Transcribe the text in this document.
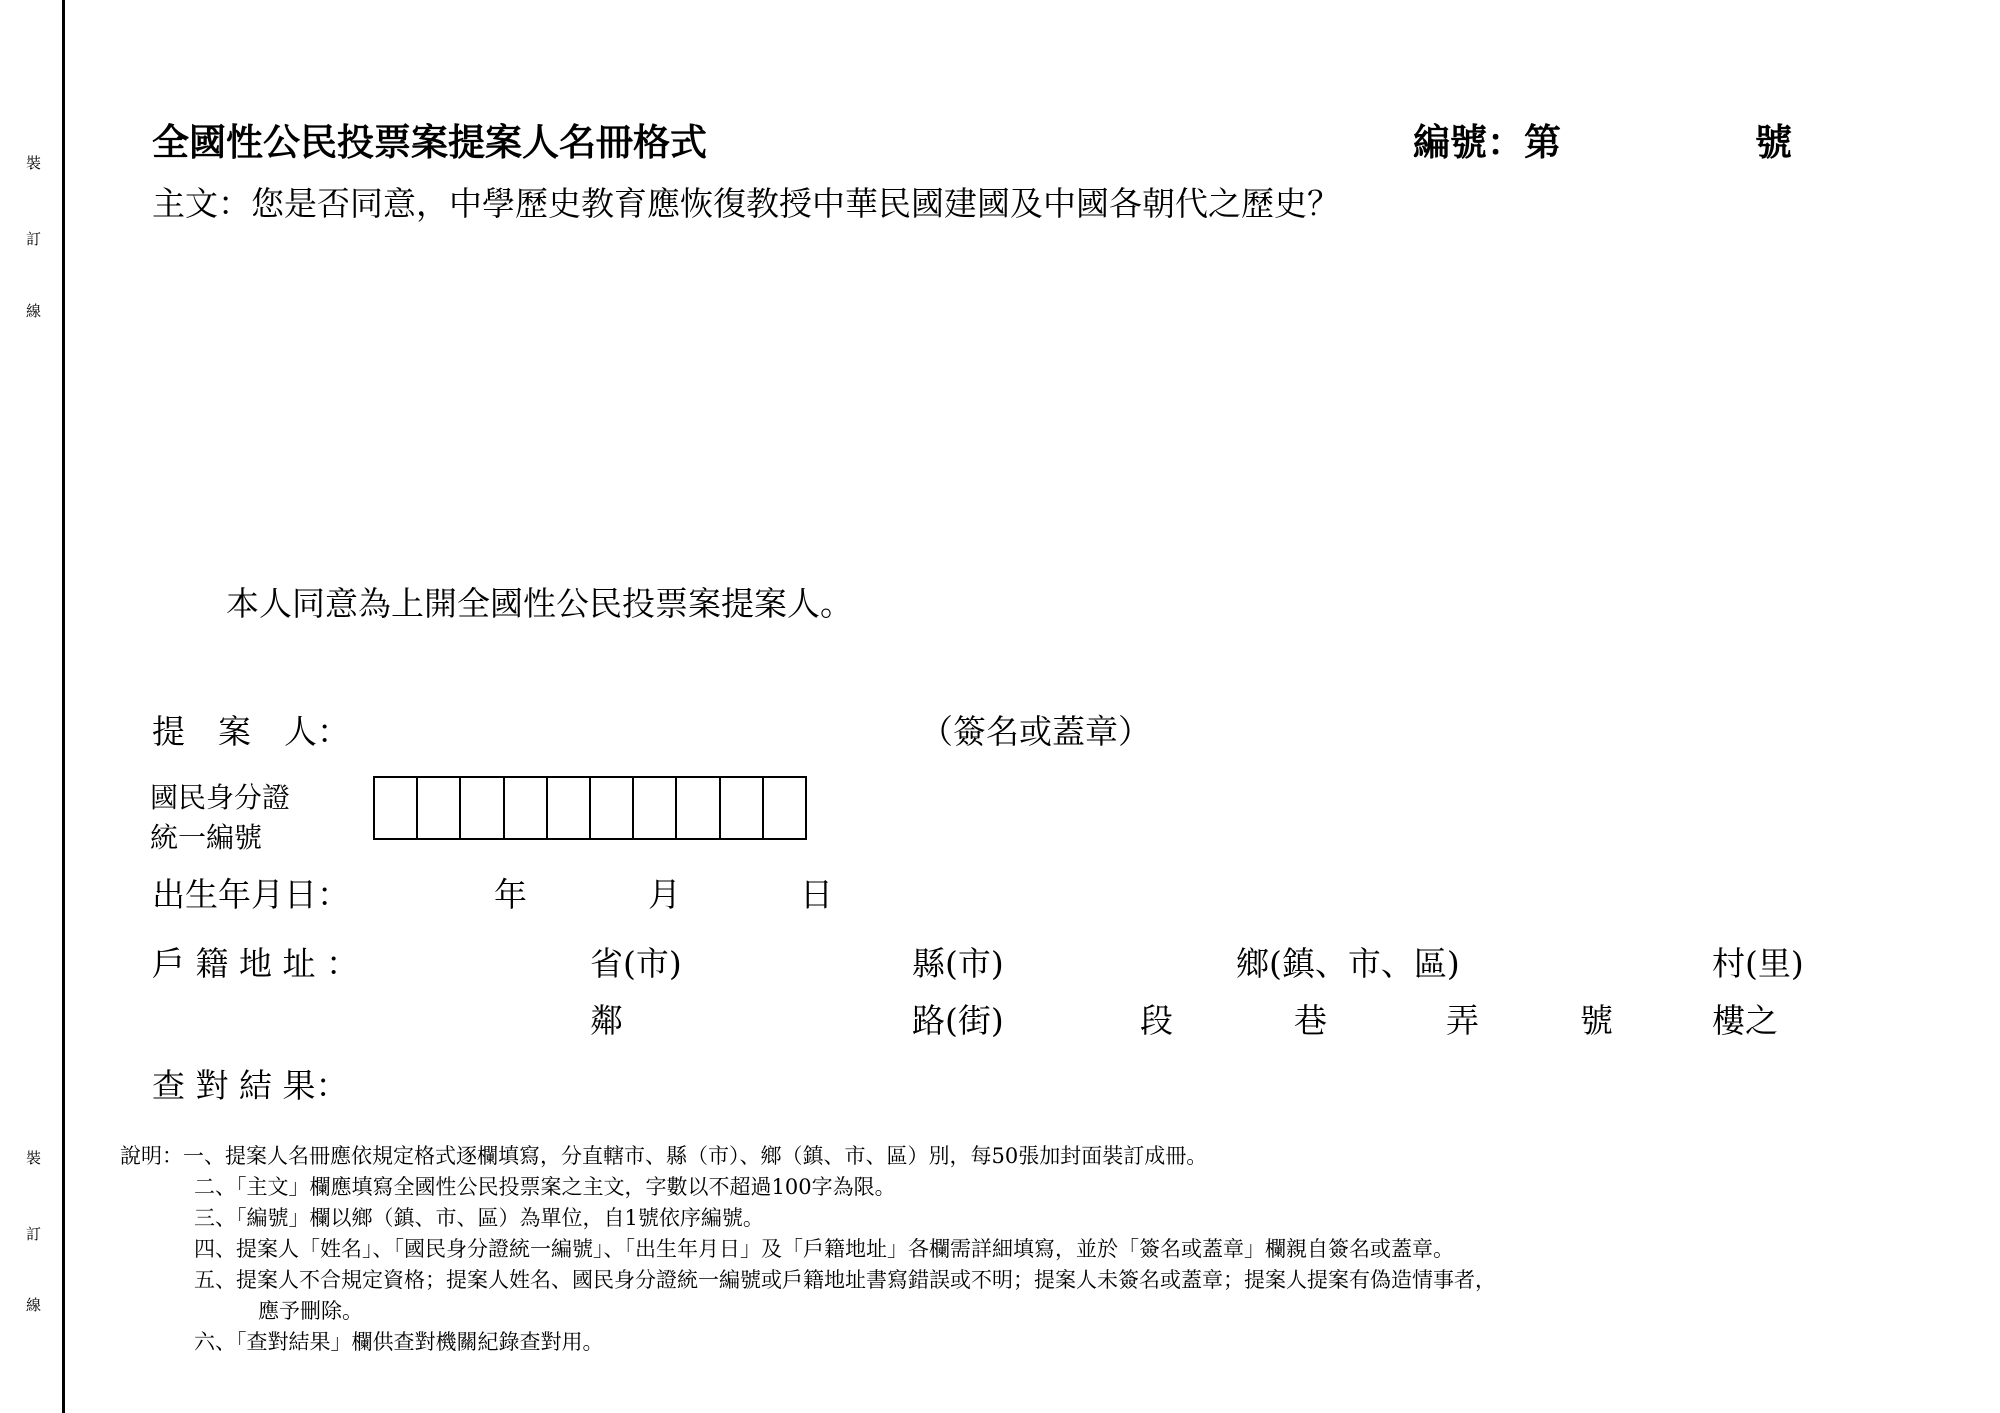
裝
訂
線
裝
訂
線
全國性公民投票案提案人名冊格式	編號：第	號
主文：您是否同意，中學歷史教育應恢復教授中華民國建國及中國各朝代之歷史？
本人同意為上開全國性公民投票案提案人。
提　案　人：	（簽名或蓋章）
國民身分證
統一編號
出生年月日：	年	月	日
戶 籍 地 址 ：	省(市)	縣(市)	鄉(鎮、市、區)	村(里)
鄰	路(街)	段	巷	弄	號	樓之
查 對 結 果：
說明：一、提案人名冊應依規定格式逐欄填寫，分直轄市、縣（市）、鄉（鎮、市、區）別，每50張加封面裝訂成冊。
二、「主文」欄應填寫全國性公民投票案之主文，字數以不超過100字為限。
三、「編號」欄以鄉（鎮、市、區）為單位，自1號依序編號。
四、提案人「姓名」、「國民身分證統一編號」、「出生年月日」及「戶籍地址」各欄需詳細填寫，並於「簽名或蓋章」欄親自簽名或蓋章。
五、提案人不合規定資格；提案人姓名、國民身分證統一編號或戶籍地址書寫錯誤或不明；提案人未簽名或蓋章；提案人提案有偽造情事者，
應予刪除。
六、「查對結果」欄供查對機關紀錄查對用。
